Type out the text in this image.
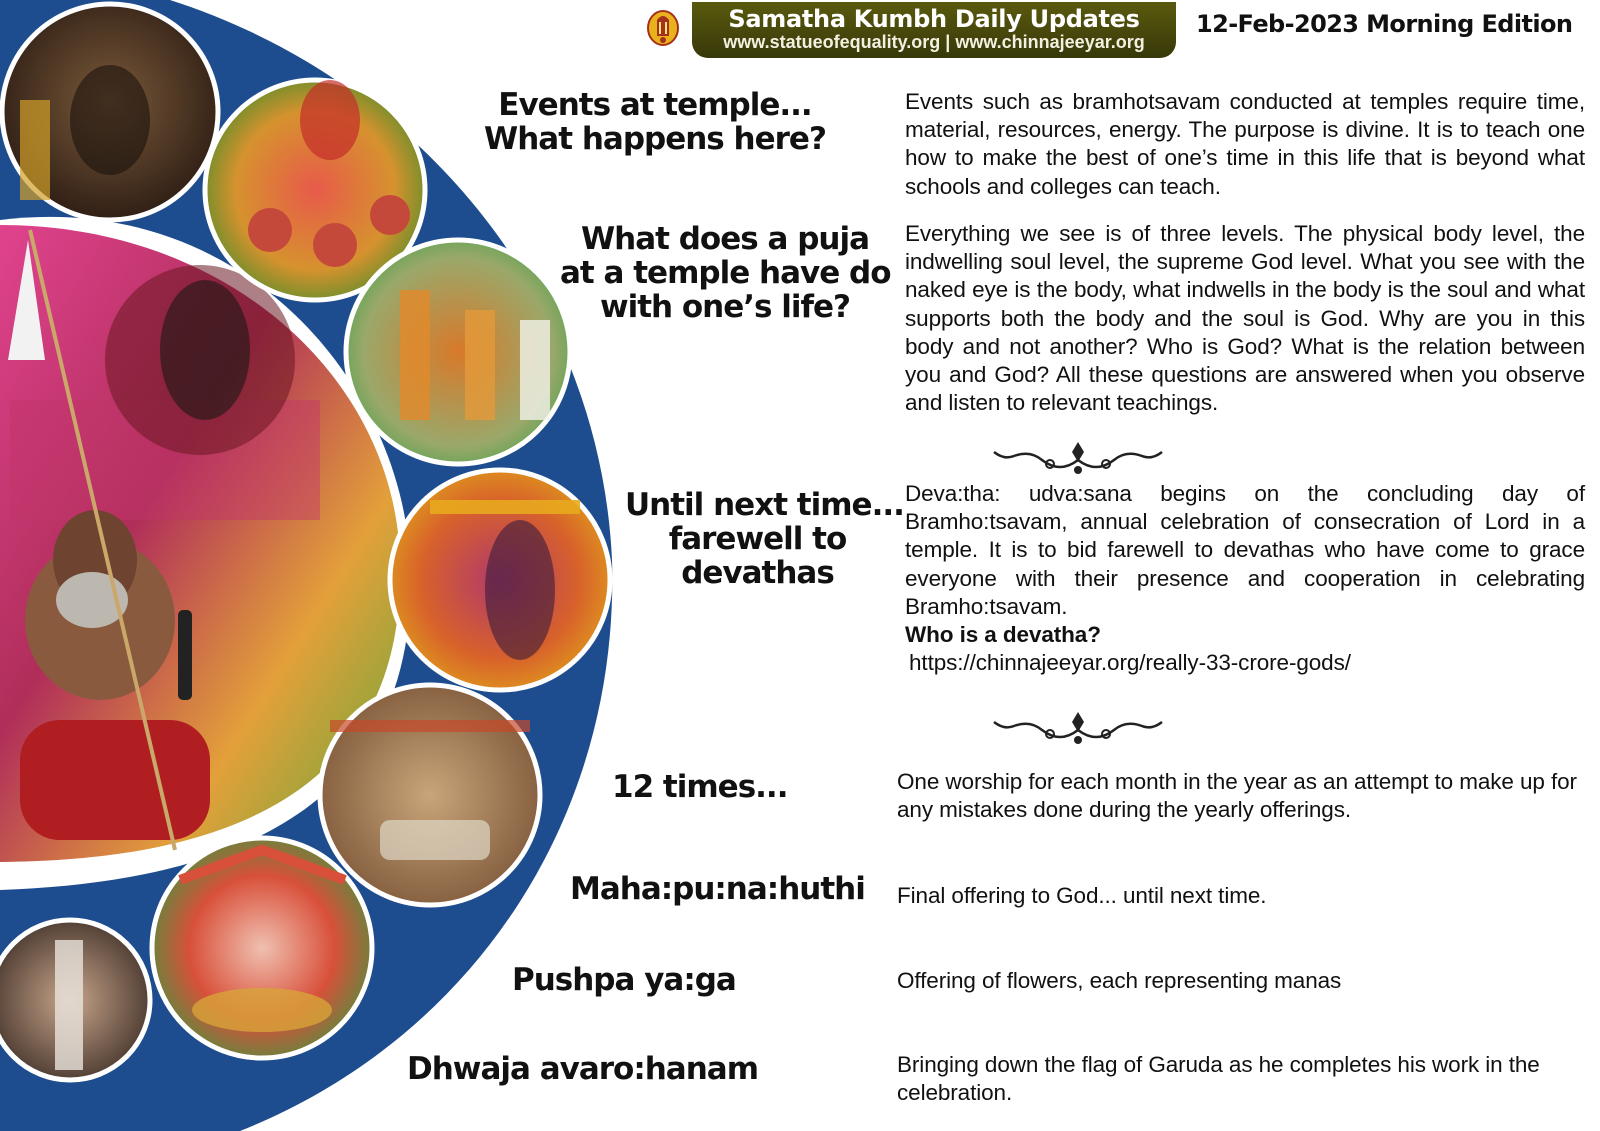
Samatha Kumbh Daily Updates
www.statueofequality.org | www.chinnajeeyar.org
12-Feb-2023 Morning Edition
Events at temple...
What happens here?
Events such as bramhotsavam conducted at temples require time, material, resources, energy. The purpose is divine. It is to teach one how to make the best of one’s time in this life that is beyond what schools and colleges can teach.
What does a puja
at a temple have do
with one’s life?
Everything we see is of three levels. The physical body level, the indwelling soul level, the supreme God level. What you see with the naked eye is the body, what indwells in the body is the soul and what supports both the body and the soul is God. Why are you in this body and not another? Who is God? What is the relation between you and God? All these questions are answered when you observe and listen to relevant teachings.
Until next time...
farewell to
devathas
Deva:tha: udva:sana begins on the concluding day of Bramho:tsavam, annual celebration of consecration of Lord in a temple. It is to bid farewell to devathas who have come to grace everyone with their presence and cooperation in celebrating Bramho:tsavam.
Who is a devatha?
https://chinnajeeyar.org/really-33-crore-gods/
12 times...	One worship for each month in the year as an attempt to make up for any mistakes done during the yearly offerings.
Maha:pu:na:huthi Final offering to God... until next time.
Pushpa ya:ga	Offering of flowers, each representing manas
Dhwaja avaro:hanam	Bringing down the flag of Garuda as he completes his work in the celebration.
